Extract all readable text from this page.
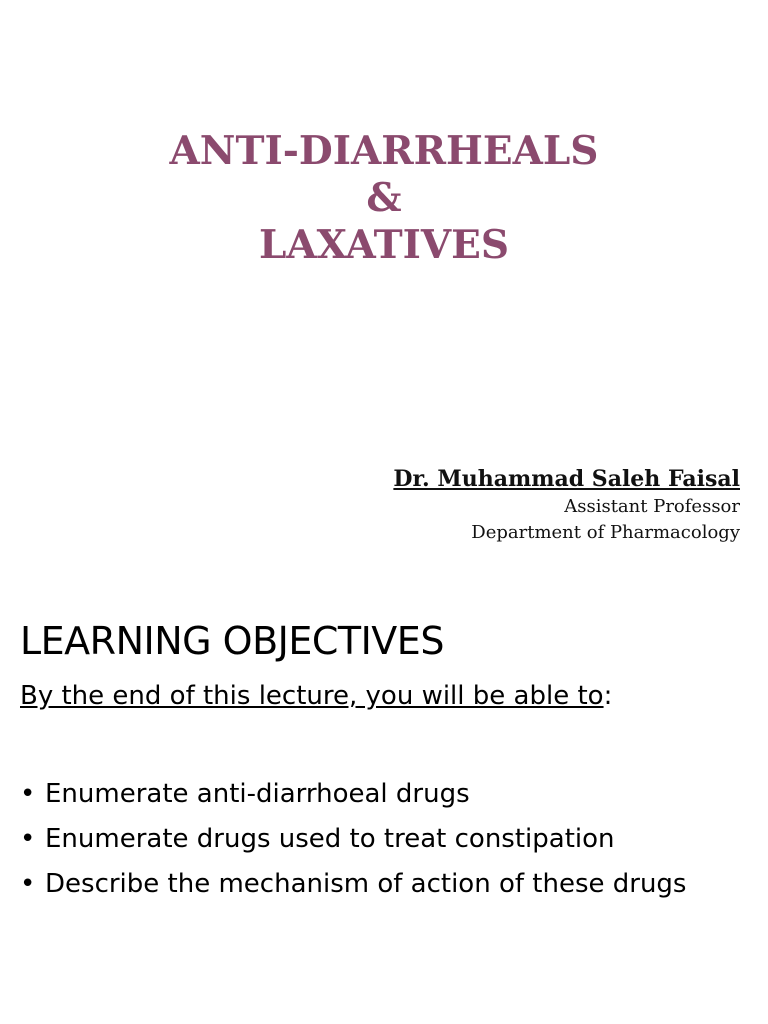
ANTI-DIARRHEALS
&
LAXATIVES
Dr. Muhammad Saleh Faisal
Assistant Professor
Department of Pharmacology
LEARNING OBJECTIVES
By the end of this lecture, you will be able to:
• Enumerate anti-diarrhoeal drugs
• Enumerate drugs used to treat constipation
• Describe the mechanism of action of these drugs
